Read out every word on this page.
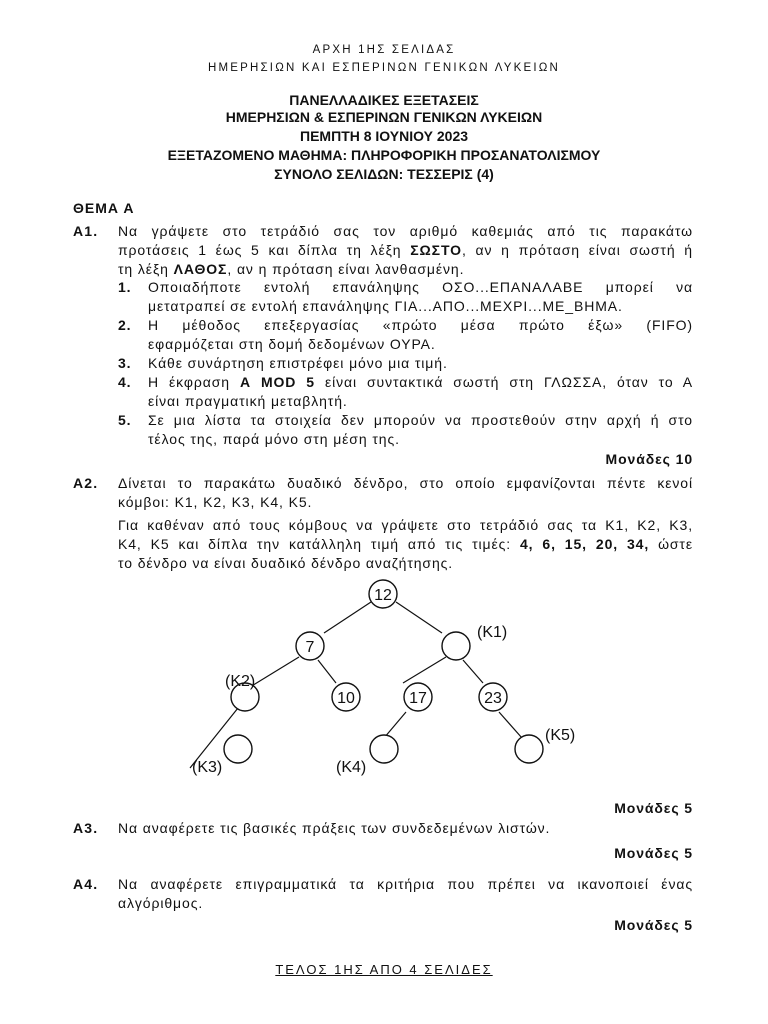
ΑΡΧΗ 1ΗΣ ΣΕΛΙΔΑΣ
ΗΜΕΡΗΣΙΩΝ ΚΑΙ ΕΣΠΕΡΙΝΩΝ ΓΕΝΙΚΩΝ ΛΥΚΕΙΩΝ
ΠΑΝΕΛΛΑΔΙΚΕΣ ΕΞΕΤΑΣΕΙΣ
ΗΜΕΡΗΣΙΩΝ & ΕΣΠΕΡΙΝΩΝ ΓΕΝΙΚΩΝ ΛΥΚΕΙΩΝ
ΠΕΜΠΤΗ 8 ΙΟΥΝΙΟΥ 2023
ΕΞΕΤΑΖΟΜΕΝΟ ΜΑΘΗΜΑ: ΠΛΗΡΟΦΟΡΙΚΗ ΠΡΟΣΑΝΑΤΟΛΙΣΜΟΥ
ΣΥΝΟΛΟ ΣΕΛΙΔΩΝ: ΤΕΣΣΕΡΙΣ (4)
ΘΕΜΑ Α
Α1. Να γράψετε στο τετράδιό σας τον αριθμό καθεμιάς από τις παρακάτω
προτάσεις 1 έως 5 και δίπλα τη λέξη ΣΩΣΤΟ, αν η πρόταση είναι σωστή ή
τη λέξη ΛΑΘΟΣ, αν η πρόταση είναι λανθασμένη.
1. Οποιαδήποτε εντολή επανάληψης ΟΣΟ...ΕΠΑΝΑΛΑΒΕ μπορεί να
μετατραπεί σε εντολή επανάληψης ΓΙΑ...ΑΠΟ...ΜΕΧΡΙ...ΜΕ_ΒΗΜΑ.
2. Η μέθοδος επεξεργασίας «πρώτο μέσα πρώτο έξω» (FIFO)
εφαρμόζεται στη δομή δεδομένων ΟΥΡΑ.
3. Κάθε συνάρτηση επιστρέφει μόνο μια τιμή.
4. Η έκφραση Α MOD 5 είναι συντακτικά σωστή στη ΓΛΩΣΣΑ, όταν το Α
είναι πραγματική μεταβλητή.
5. Σε μια λίστα τα στοιχεία δεν μπορούν να προστεθούν στην αρχή ή στο
τέλος της, παρά μόνο στη μέση της.
Μονάδες 10
Α2. Δίνεται το παρακάτω δυαδικό δένδρο, στο οποίο εμφανίζονται πέντε κενοί
κόμβοι: Κ1, Κ2, Κ3, Κ4, Κ5.
Για καθέναν από τους κόμβους να γράψετε στο τετράδιό σας τα Κ1, Κ2, Κ3,
Κ4, Κ5 και δίπλα την κατάλληλη τιμή από τις τιμές: 4, 6, 15, 20, 34, ώστε
το δένδρο να είναι δυαδικό δένδρο αναζήτησης.
12
7
10	17	23
(K1)
(K2)
(K3)	(K4)
(K5)
Μονάδες 5
Α3. Να αναφέρετε τις βασικές πράξεις των συνδεδεμένων λιστών.
Μονάδες 5
Α4. Να αναφέρετε επιγραμματικά τα κριτήρια που πρέπει να ικανοποιεί ένας
αλγόριθμος.
Μονάδες 5
ΤΕΛΟΣ 1ΗΣ ΑΠΟ 4 ΣΕΛΙΔΕΣ
